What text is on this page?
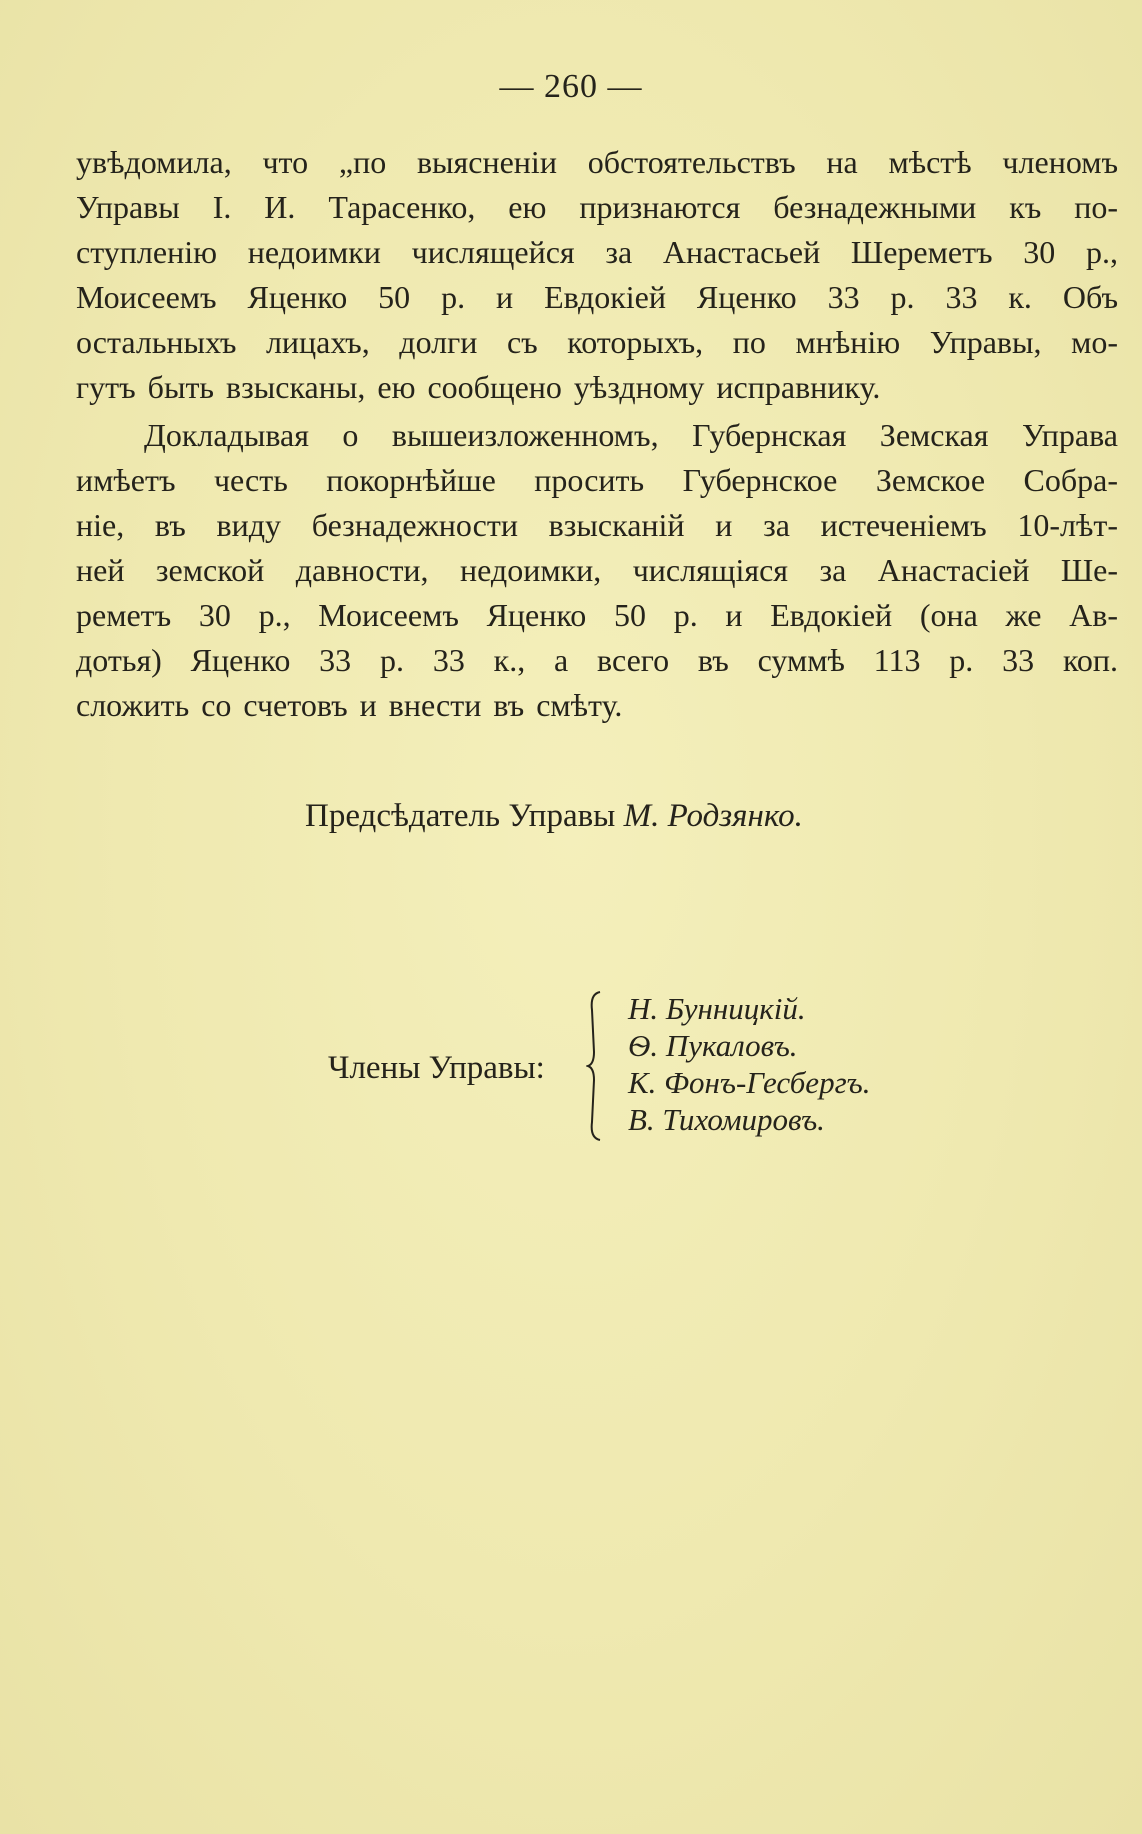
— 260 —
увѣдомила, что „по выясненіи обстоятельствъ на мѣстѣ членомъ
Управы I. И. Тарасенко, ею признаются безнадежными къ по-
ступленію недоимки числящейся за Анастасьей Шереметъ 30 р.,
Моисеемъ Яценко 50 р. и Евдокіей Яценко 33 р. 33 к. Объ
остальныхъ лицахъ, долги съ которыхъ, по мнѣнію Управы, мо-
гутъ быть взысканы, ею сообщено уѣздному исправнику.
Докладывая о вышеизложенномъ, Губернская Земская Управа
имѣетъ честь покорнѣйше просить Губернское Земское Собра-
ніе, въ виду безнадежности взысканій и за истеченіемъ 10-лѣт-
ней земской давности, недоимки, числящіяся за Анастасіей Ше-
реметъ 30 р., Моисеемъ Яценко 50 р. и Евдокіей (она же Ав-
дотья) Яценко 33 р. 33 к., а всего въ суммѣ 113 р. 33 коп.
сложить со счетовъ и внести въ смѣту.
Предсѣдатель Управы М. Родзянко.
Члены Управы:
Н. Бунницкій.
Ѳ. Пукаловъ.
К. Фонъ-Гесбергъ.
В. Тихомировъ.
